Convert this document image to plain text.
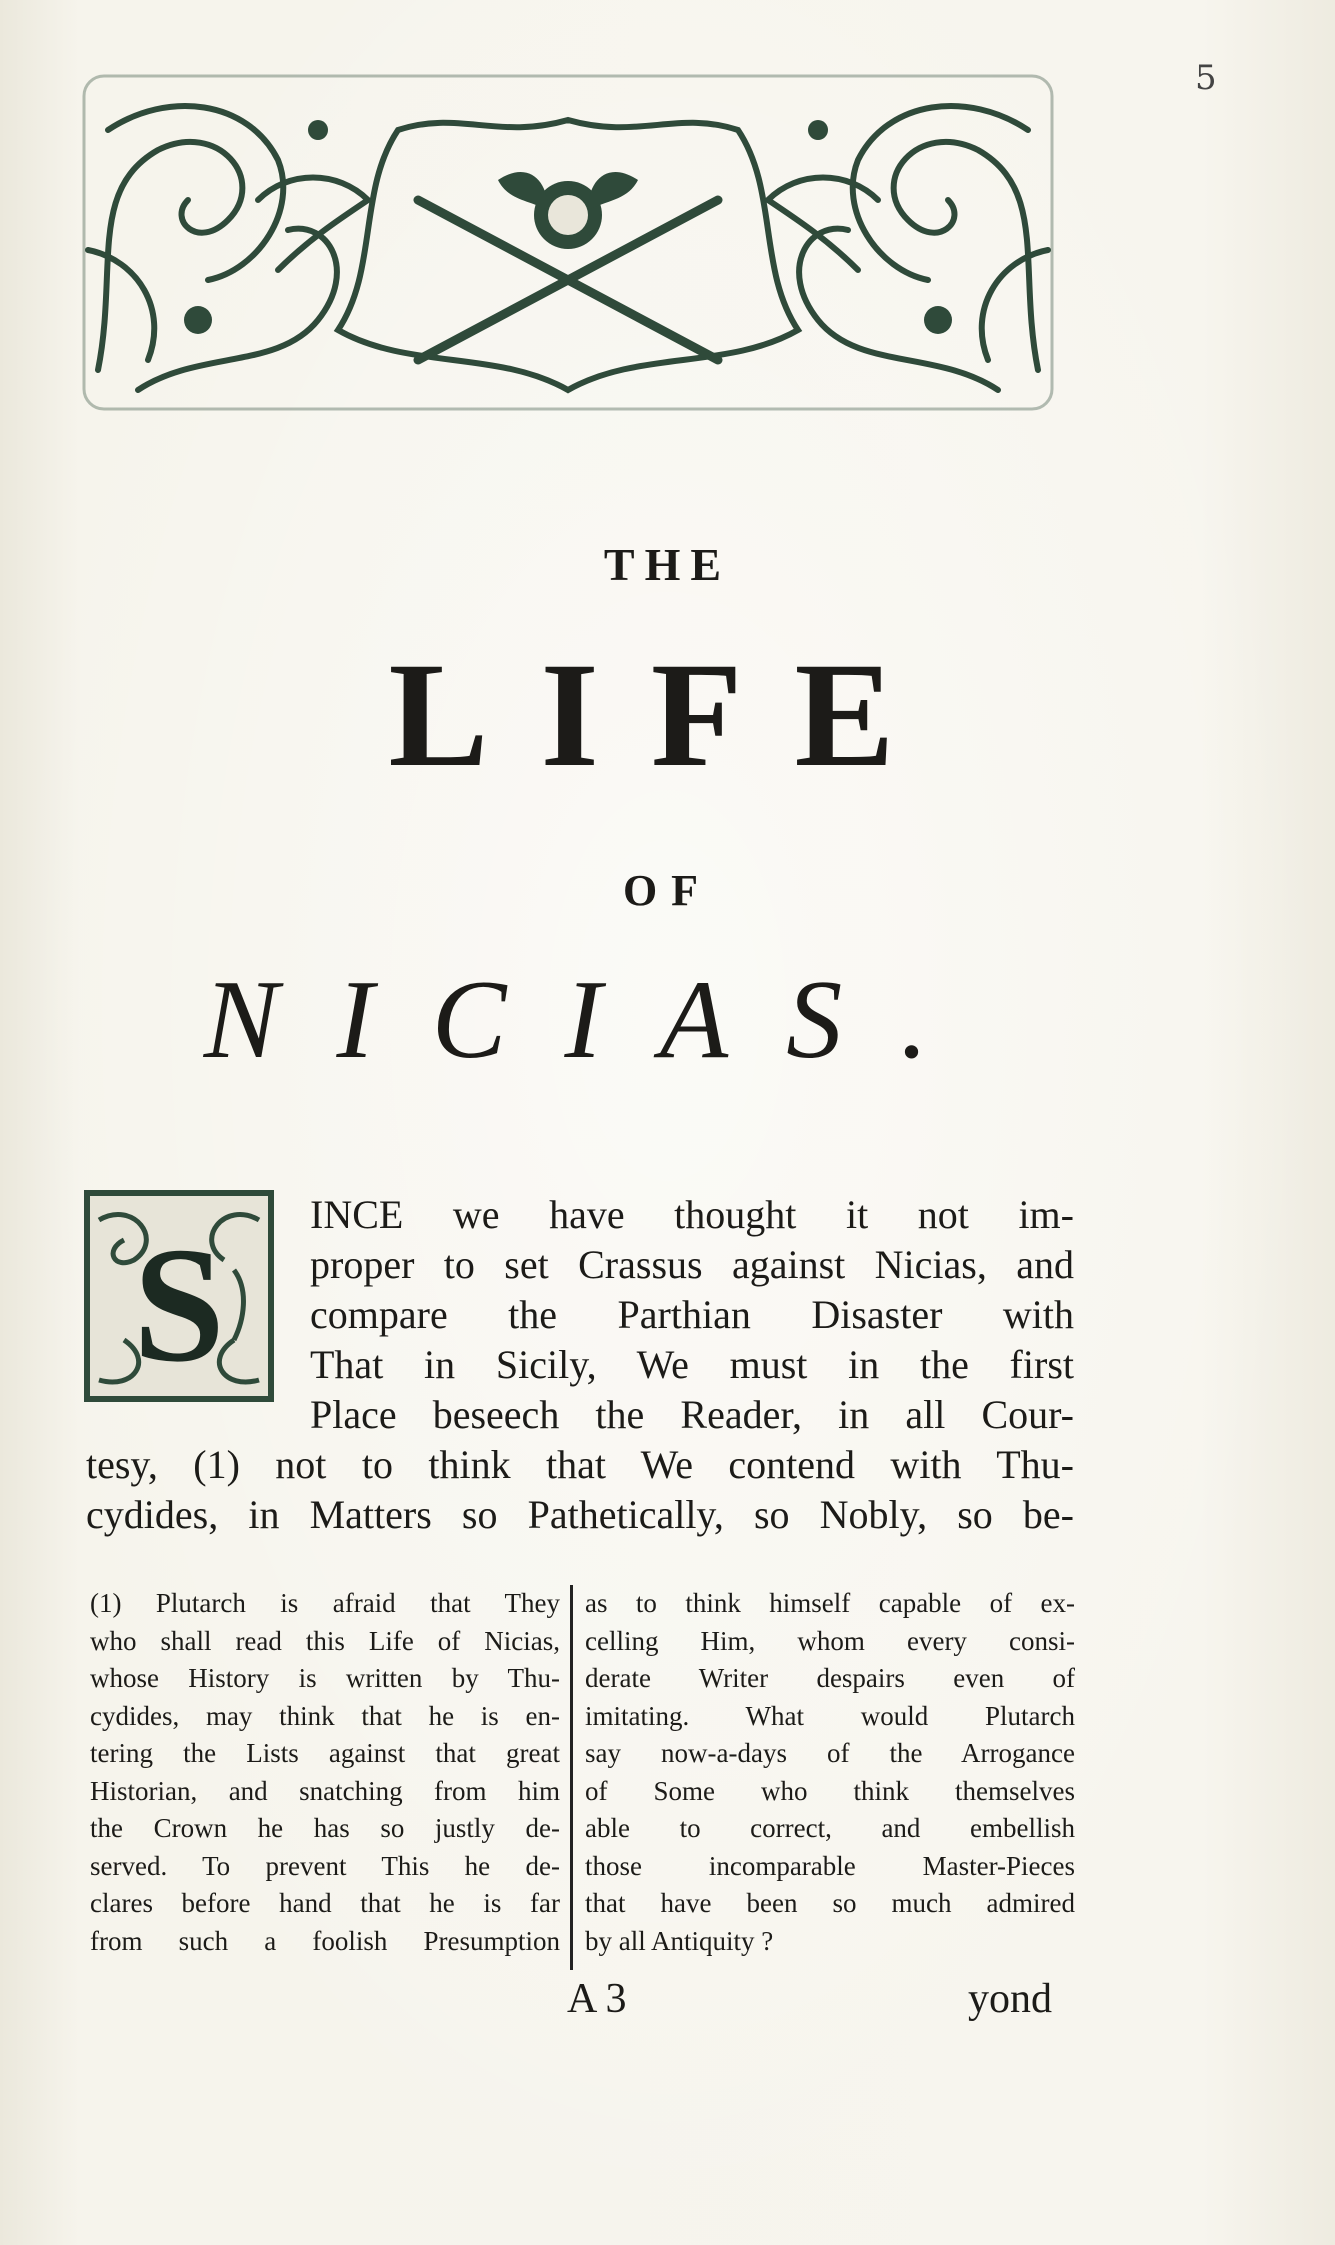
5
THE
LIFE
OF
NICIAS.
S	INCE we have thought it not im-
proper to set Crassus against Nicias, and
compare the Parthian Disaster with
That in Sicily, We must in the first
Place beseech the Reader, in all Cour-
tesy, (1) not to think that We contend with Thu-
cydides, in Matters so Pathetically, so Nobly, so be-
(1) Plutarch is afraid that They
who shall read this Life of Nicias,
whose History is written by Thu-
cydides, may think that he is en-
tering the Lists against that great
Historian, and snatching from him
the Crown he has so justly de-
served. To prevent This he de-
clares before hand that he is far
from such a foolish Presumption
as to think himself capable of ex-
celling Him, whom every consi-
derate Writer despairs even of
imitating. What would Plutarch
say now-a-days of the Arrogance
of Some who think themselves
able to correct, and embellish
those incomparable Master-Pieces
that have been so much admired
by all Antiquity ?
A 3	yond
